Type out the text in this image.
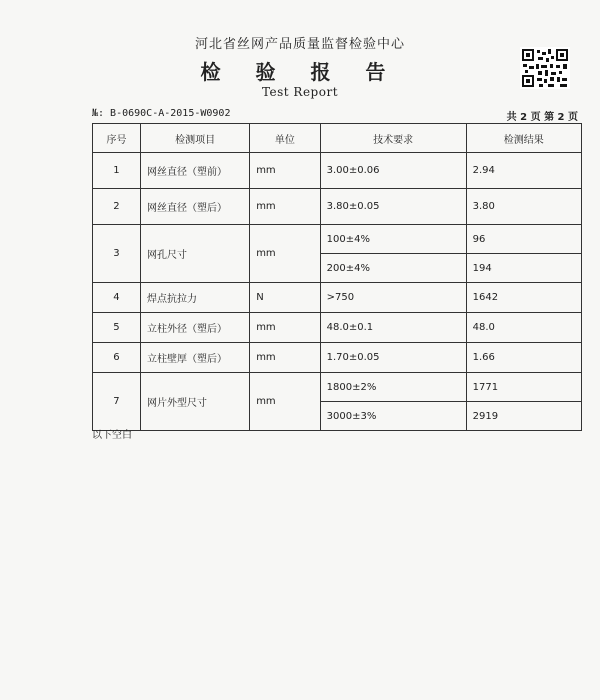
河北省丝网产品质量监督检验中心
检 验 报 告
Test Report
№: B-0690C-A-2015-W0902	共 2 页 第 2 页
序号	检测项目	单位	技术要求	检测结果
1	网丝直径（塑前）	mm	3.00±0.06	2.94
2	网丝直径（塑后）	mm	3.80±0.05	3.80
3	网孔尺寸	mm	100±4%	96
			200±4%	194
4	焊点抗拉力	N	>750	1642
5	立柱外径（塑后）	mm	48.0±0.1	48.0
6	立柱壁厚（塑后）	mm	1.70±0.05	1.66
7	网片外型尺寸	mm	1800±2%	1771
			3000±3%	2919
以下空白
